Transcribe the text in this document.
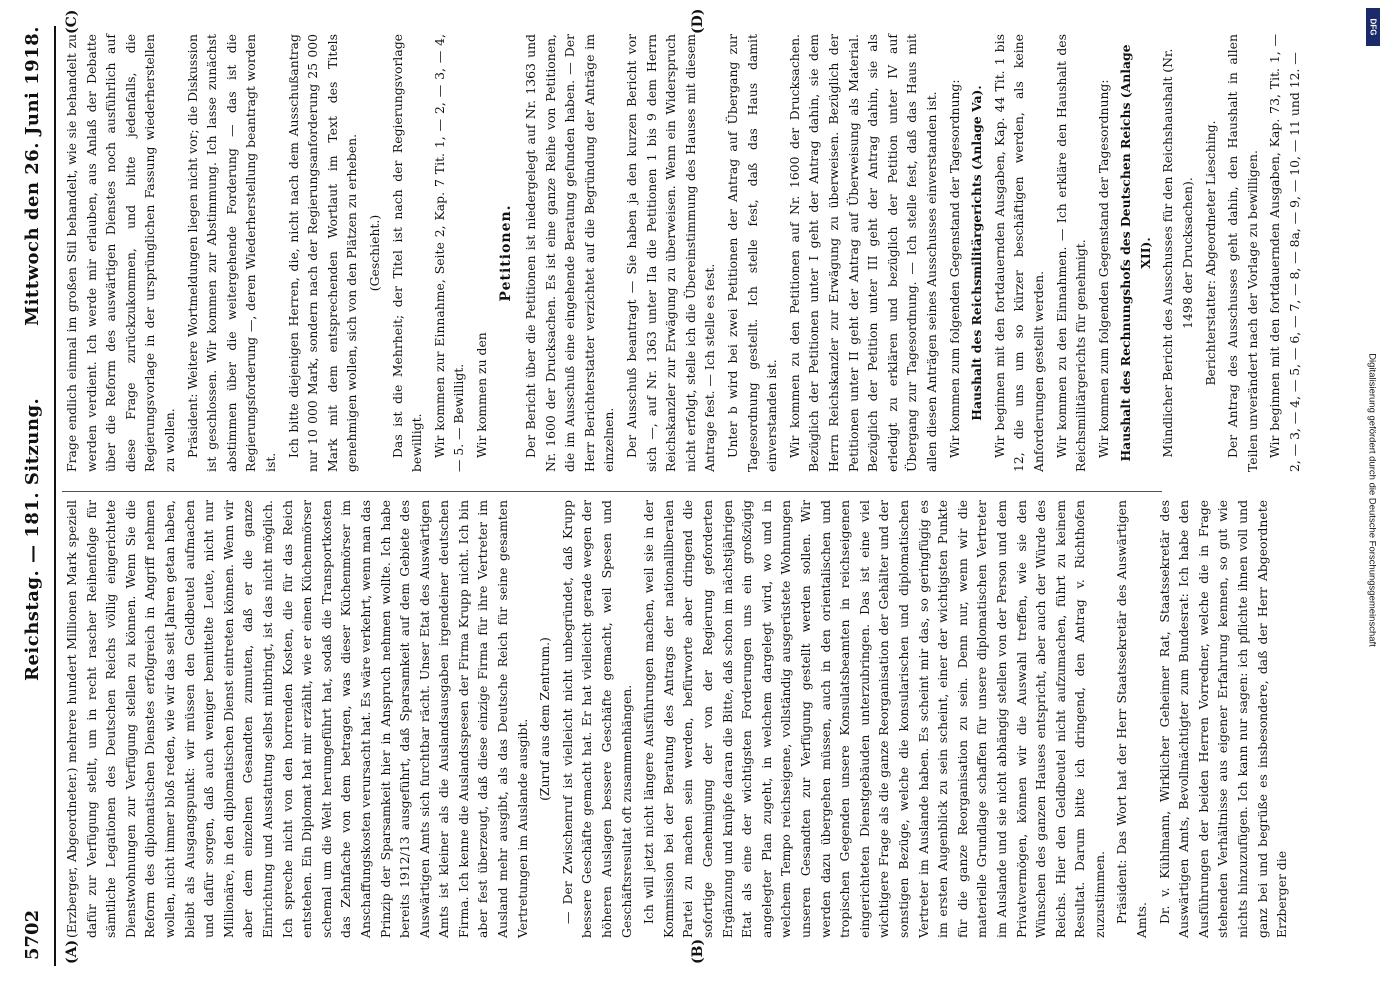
5702
Reichstag. — 181. Sitzung.
Mittwoch den 26. Juni 1918.
(A)	(B)
(C)	(D)

(Erzberger, Abgeordneter.) mehrere hundert Millionen Mark speziell dafür zur Verfügung stellt, um in recht rascher Reihenfolge für sämtliche Legationen des Deutschen Reichs völlig eingerichtete Dienstwohnungen zur Verfügung stellen zu können. Wenn Sie die Reform des diplomatischen Dienstes erfolgreich in Angriff nehmen wollen, nicht immer bloß reden, wie wir das seit Jahren getan haben, bleibt als Ausgangspunkt: wir müssen den Geldbeutel aufmachen und dafür sorgen, daß auch weniger bemittelte Leute, nicht nur Millionäre, in den diplomatischen Dienst eintreten können. Wenn wir aber dem einzelnen Gesandten zumuten, daß er die ganze Einrichtung und Ausstattung selbst mitbringt, ist das nicht möglich. Ich spreche nicht von den horrenden Kosten, die für das Reich entstehen. Ein Diplomat hat mir erzählt, wie er einen Küchenmörser schemal um die Welt herumgeführt hat, sodaß die Transportkosten das Zehnfache von dem betragen, was dieser Küchenmörser im Anschaffungskosten verursacht hat. Es wäre verkehrt, wenn man das Prinzip der Sparsamkeit hier in Anspruch nehmen wollte. Ich habe bereits 1912/13 ausgeführt, daß Sparsamkeit auf dem Gebiete des Auswärtigen Amts sich furchtbar rächt. Unser Etat des Auswärtigen Amts ist kleiner als die Auslandsausgaben irgendeiner deutschen Firma. Ich kenne die Auslandsspesen der Firma Krupp nicht. Ich bin aber fest überzeugt, daß diese einzige Firma für ihre Vertreter im Ausland mehr ausgibt, als das Deutsche Reich für seine gesamten Vertretungen im Auslande ausgibt. (Zuruf aus dem Zentrum.) — Der Zwischenruf ist vielleicht nicht unbegründet, daß Krupp bessere Geschäfte gemacht hat. Er hat vielleicht gerade wegen der höheren Auslagen bessere Geschäfte gemacht, weil Spesen und Geschäftsresultat oft zusammenhängen. Ich will jetzt nicht längere Ausführungen machen, weil sie in der Kommission bei der Beratung des Antrags der nationalliberalen Partei zu machen sein werden, befürworte aber dringend die sofortige Genehmigung der von der Regierung geforderten Ergänzung und knüpfe daran die Bitte, daß schon im nächstjährigen Etat als eine der wichtigsten Forderungen uns ein großzügig angelegter Plan zugeht, in welchem dargelegt wird, wo und in welchem Tempo reichseigene, vollständig ausgerüstete Wohnungen unseren Gesandten zur Verfügung gestellt werden sollen. Wir werden dazu übergehen müssen, auch in den orientalischen und tropischen Gegenden unsere Konsulatsbeamten in reichseigenen eingerichteten Dienstgebäuden unterzubringen. Das ist eine viel wichtigere Frage als die ganze Reorganisation der Gehälter und der sonstigen Bezüge, welche die konsularischen und diplomatischen Vertreter im Auslande haben. Es scheint mir das, so geringfügig es im ersten Augenblick zu sein scheint, einer der wichtigsten Punkte für die ganze Reorganisation zu sein. Denn nur, wenn wir die materielle Grundlage schaffen für unsere diplomatischen Vertreter im Auslande und sie nicht abhängig stellen von der Person und dem Privatvermögen, können wir die Auswahl treffen, wie sie den Wünschen des ganzen Hauses entspricht, aber auch der Würde des Reichs. Hier den Geldbeutel nicht aufzumachen, führt zu keinem Resultat. Darum bitte ich dringend, den Antrag v. Richthofen zuzustimmen. Präsident: Das Wort hat der Herr Staatssekretär des Auswärtigen Amts. Dr. v. Kühlmann, Wirklicher Geheimer Rat, Staatssekretär des Auswärtigen Amts, Bevollmächtigter zum Bundesrat: Ich habe den Ausführungen der beiden Herren Vorredner, welche die in Frage stehenden Verhältnisse aus eigener Erfahrung kennen, so gut wie nichts hinzuzufügen. Ich kann nur sagen: ich pflichte ihnen voll und ganz bei und begrüße es insbesondere, daß der Herr Abgeordnete Erzberger die

Frage endlich einmal im großen Stil behandelt, wie sie behandelt zu werden verdient. Ich werde mir erlauben, aus Anlaß der Debatte über die Reform des auswärtigen Dienstes noch ausführlich auf diese Frage zurückzukommen, und bitte jedenfalls, die Regierungsvorlage in der ursprünglichen Fassung wiederherstellen zu wollen. Präsident: Weitere Wortmeldungen liegen nicht vor; die Diskussion ist geschlossen. Wir kommen zur Abstimmung. Ich lasse zunächst abstimmen über die weitergehende Forderung — das ist die Regierungsforderung —, deren Wiederherstellung beantragt worden ist.

Ich bitte diejenigen Herren, die, nicht nach dem Ausschußantrag nur 10 000 Mark, sondern nach der Regierungsanforderung 25 000 Mark mit dem entsprechenden Wortlaut im Text des Titels genehmigen wollen, sich von den Plätzen zu erheben. (Geschieht.) Das ist die Mehrheit; der Titel ist nach der Regierungsvorlage bewilligt. Wir kommen zur Einnahme, Seite 2, Kap. 7 Tit. 1, — 2, — 3, — 4, — 5. — Bewilligt. Wir kommen zu den

Petitionen. Der Bericht über die Petitionen ist niedergelegt auf Nr. 1363 und Nr. 1600 der Drucksachen. Es ist eine ganze Reihe von Petitionen, die im Ausschuß eine eingehende Beratung gefunden haben. — Der Herr Berichterstatter verzichtet auf die Begründung der Anträge im einzelnen. Der Ausschuß beantragt — Sie haben ja den kurzen Bericht vor sich —, auf Nr. 1363 unter IIa die Petitionen 1 bis 9 dem Herrn Reichskanzler zur Erwägung zu überweisen. Wenn ein Widerspruch nicht erfolgt, stelle ich die Übereinstimmung des Hauses mit diesem Antrage fest. — Ich stelle es fest. Unter b wird bei zwei Petitionen der Antrag auf Übergang zur Tagesordnung gestellt. Ich stelle fest, daß das Haus damit einverstanden ist. Wir kommen zu den Petitionen auf Nr. 1600 der Drucksachen. Bezüglich der Petitionen unter I geht der Antrag dahin, sie dem Herrn Reichskanzler zur Erwägung zu überweisen. Bezüglich der Petitionen unter II geht der Antrag auf Überweisung als Material. Bezüglich der Petition unter III geht der Antrag dahin, sie als erledigt zu erklären und bezüglich der Petition unter IV auf Übergang zur Tagesordnung. — Ich stelle fest, daß das Haus mit allen diesen Anträgen seines Ausschusses einverstanden ist. Wir kommen zum folgenden Gegenstand der Tagesordnung: Haushalt des Reichsmilitärgerichts (Anlage Va). Wir beginnen mit den fortdauernden Ausgaben, Kap. 44 Tit. 1 bis 12, die uns um so kürzer beschäftigen werden, als keine Anforderungen gestellt werden. Wir kommen zu den Einnahmen. — Ich erkläre den Haushalt des Reichsmilitärgerichts für genehmigt. Wir kommen zum folgenden Gegenstand der Tagesordnung: Haushalt des Rechnungshofs des Deutschen Reichs (Anlage XII). Mündlicher Bericht des Ausschusses für den Reichshaushalt (Nr. 1498 der Drucksachen). Berichterstatter: Abgeordneter Liesching. Der Antrag des Ausschusses geht dahin, den Haushalt in allen Teilen unverändert nach der Vorlage zu bewilligen. Wir beginnen mit den fortdauernden Ausgaben, Kap. 73, Tit. 1, — 2, — 3, — 4, — 5, — 6, — 7, — 8, — 8a, — 9, — 10, — 11 und 12. —

Digitalisierung gefördert durch die Deutsche Forschungsgemeinschaft
DFG
